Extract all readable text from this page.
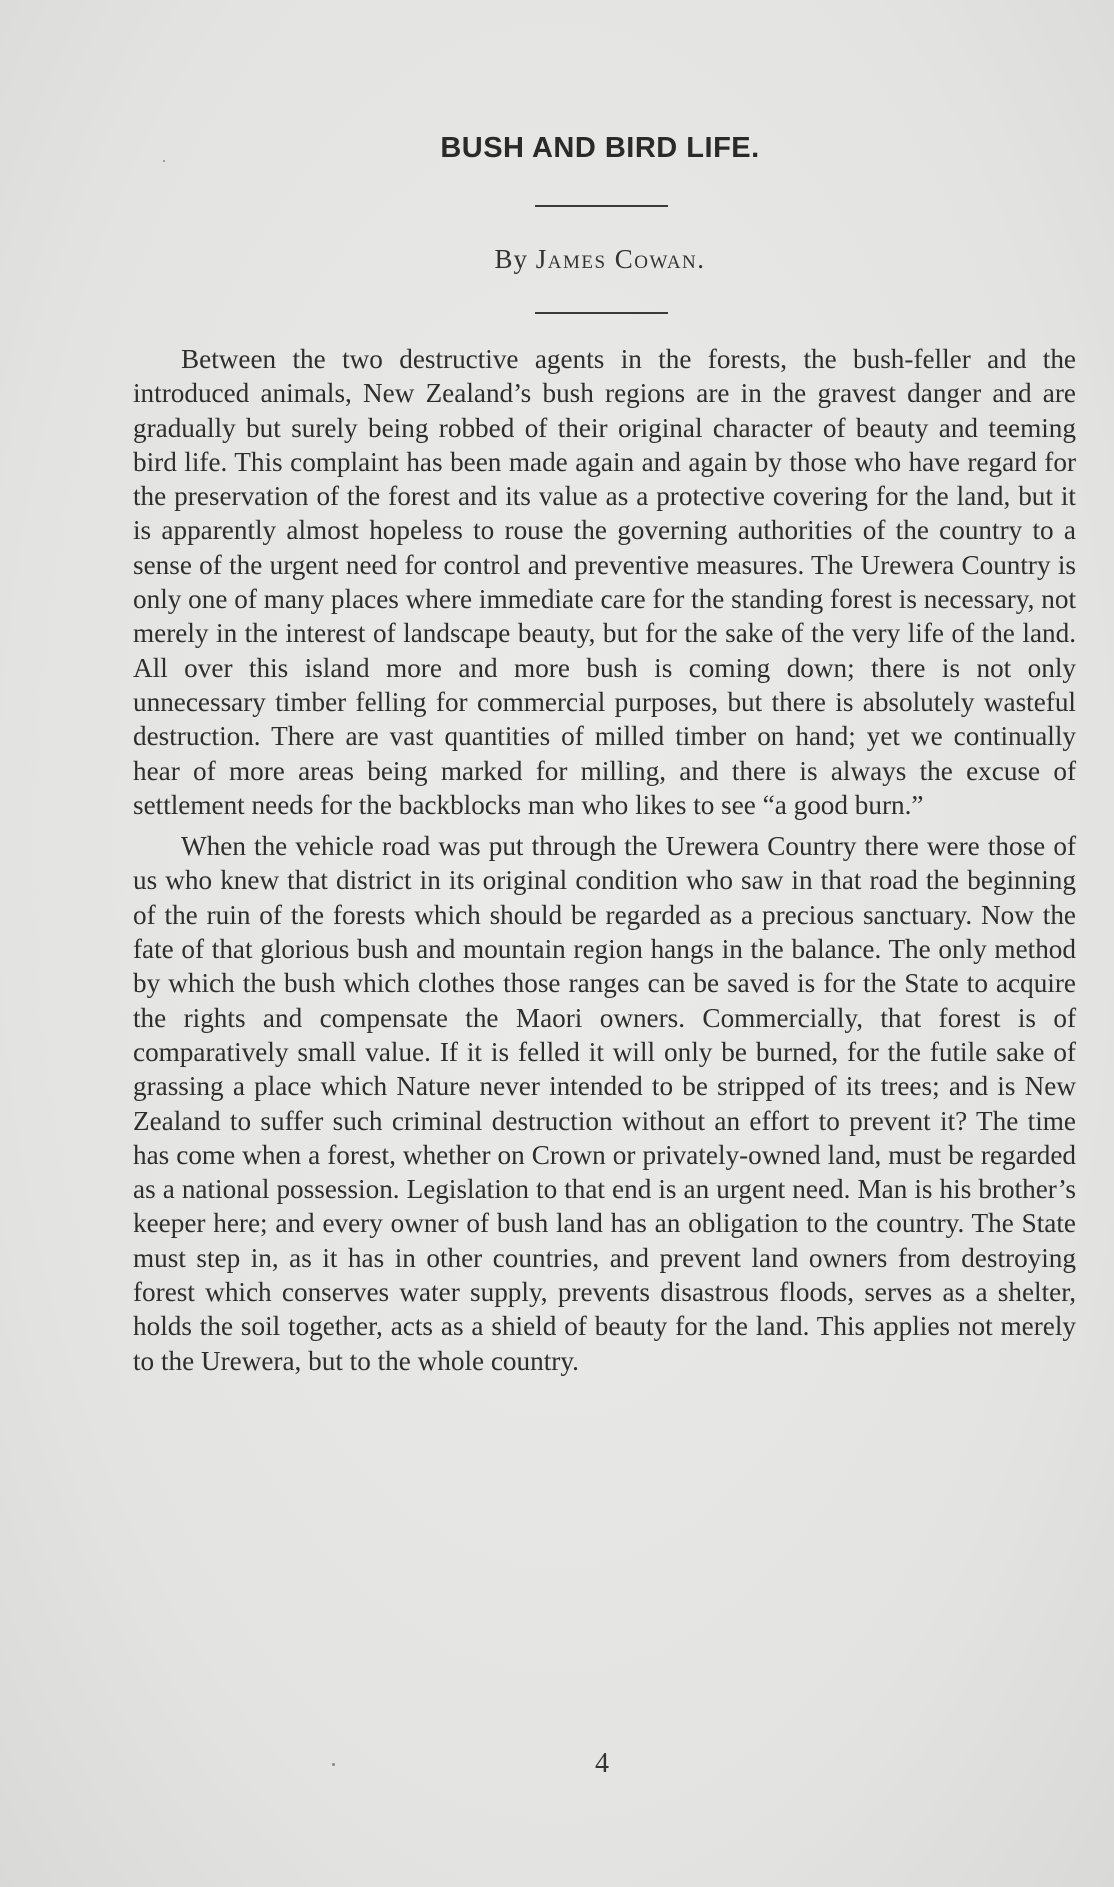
BUSH AND BIRD LIFE.
By James Cowan.

Between the two destructive agents in the forests, the bush-feller and the introduced animals, New Zealand’s bush regions are in the gravest danger and are gradually but surely being robbed of their original character of beauty and teeming bird life. This complaint has been made again and again by those who have regard for the preservation of the forest and its value as a protective covering for the land, but it is apparently almost hopeless to rouse the governing authorities of the country to a sense of the urgent need for control and preventive measures. The Urewera Country is only one of many places where immediate care for the standing forest is necessary, not merely in the interest of landscape beauty, but for the sake of the very life of the land. All over this island more and more bush is coming down; there is not only unnecessary timber felling for commercial purposes, but there is absolutely wasteful destruction. There are vast quantities of milled timber on hand; yet we continually hear of more areas being marked for milling, and there is always the excuse of settlement needs for the backblocks man who likes to see “a good burn.”

When the vehicle road was put through the Urewera Country there were those of us who knew that district in its original condition who saw in that road the beginning of the ruin of the forests which should be regarded as a precious sanctuary. Now the fate of that glorious bush and mountain region hangs in the balance. The only method by which the bush which clothes those ranges can be saved is for the State to acquire the rights and compensate the Maori owners. Commercially, that forest is of comparatively small value. If it is felled it will only be burned, for the futile sake of grassing a place which Nature never intended to be stripped of its trees; and is New Zealand to suffer such criminal destruction without an effort to prevent it? The time has come when a forest, whether on Crown or privately-owned land, must be regarded as a national possession. Legislation to that end is an urgent need. Man is his brother’s keeper here; and every owner of bush land has an obligation to the country. The State must step in, as it has in other countries, and prevent land owners from destroying forest which conserves water supply, prevents disastrous floods, serves as a shelter, holds the soil together, acts as a shield of beauty for the land. This applies not merely to the Urewera, but to the whole country.

4
